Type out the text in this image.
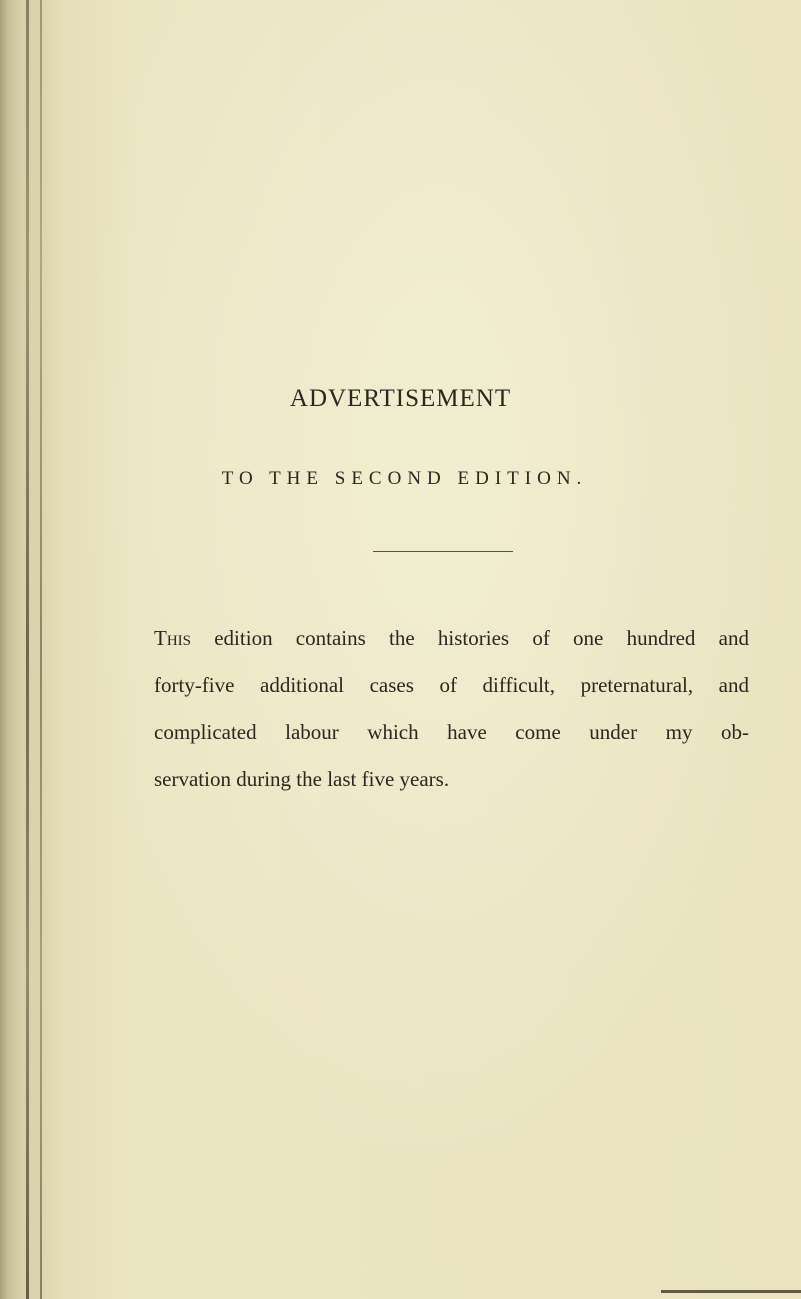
ADVERTISEMENT
TO THE SECOND EDITION.

This edition contains the histories of one hundred and
forty-five additional cases of difficult, preternatural, and
complicated labour which have come under my ob-
servation during the last five years.
